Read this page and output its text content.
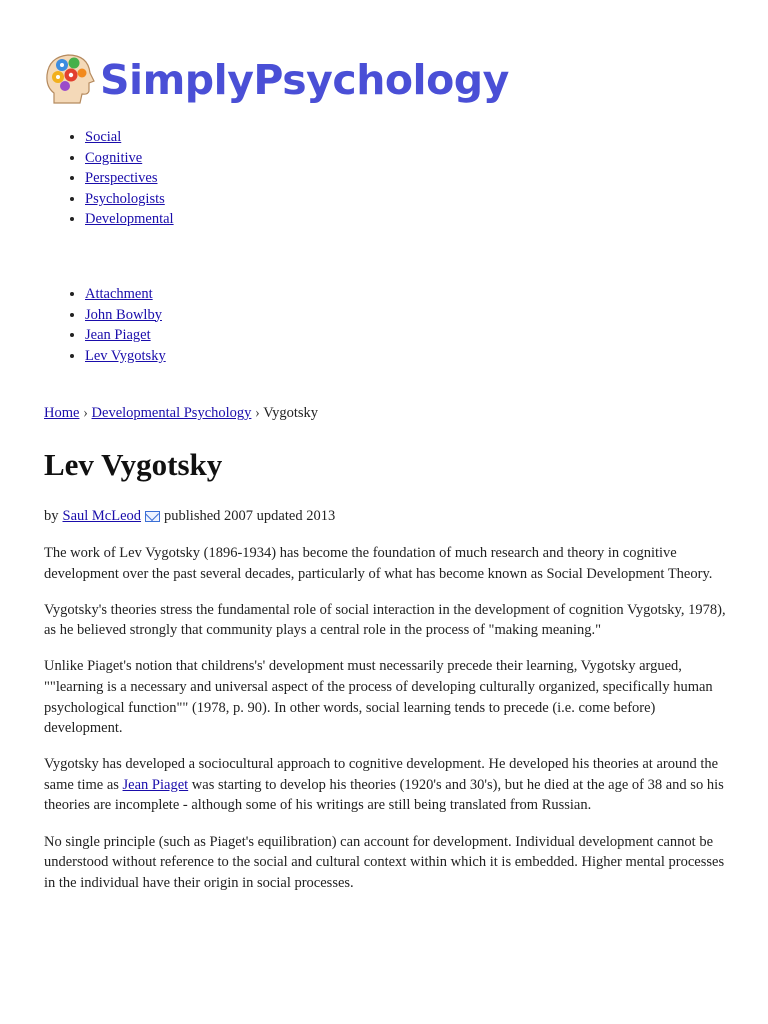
SimplyPsychology
• Social
• Cognitive
• Perspectives
• Psychologists
• Developmental
• Attachment
• John Bowlby
• Jean Piaget
• Lev Vygotsky
Home › Developmental Psychology › Vygotsky
Lev Vygotsky
by Saul McLeod published 2007 updated 2013

The work of Lev Vygotsky (1896-1934) has become the foundation of much research and theory in cognitive development over the past several decades, particularly of what has become known as Social Development Theory.

Vygotsky's theories stress the fundamental role of social interaction in the development of cognition Vygotsky, 1978), as he believed strongly that community plays a central role in the process of "making meaning."

Unlike Piaget's notion that childrens's' development must necessarily precede their learning, Vygotsky argued, ""learning is a necessary and universal aspect of the process of developing culturally organized, specifically human psychological function"" (1978, p. 90). In other words, social learning tends to precede (i.e. come before) development.

Vygotsky has developed a sociocultural approach to cognitive development. He developed his theories at around the same time as Jean Piaget was starting to develop his theories (1920's and 30's), but he died at the age of 38 and so his theories are incomplete - although some of his writings are still being translated from Russian.

No single principle (such as Piaget's equilibration) can account for development. Individual development cannot be understood without reference to the social and cultural context within which it is embedded. Higher mental processes in the individual have their origin in social processes.
